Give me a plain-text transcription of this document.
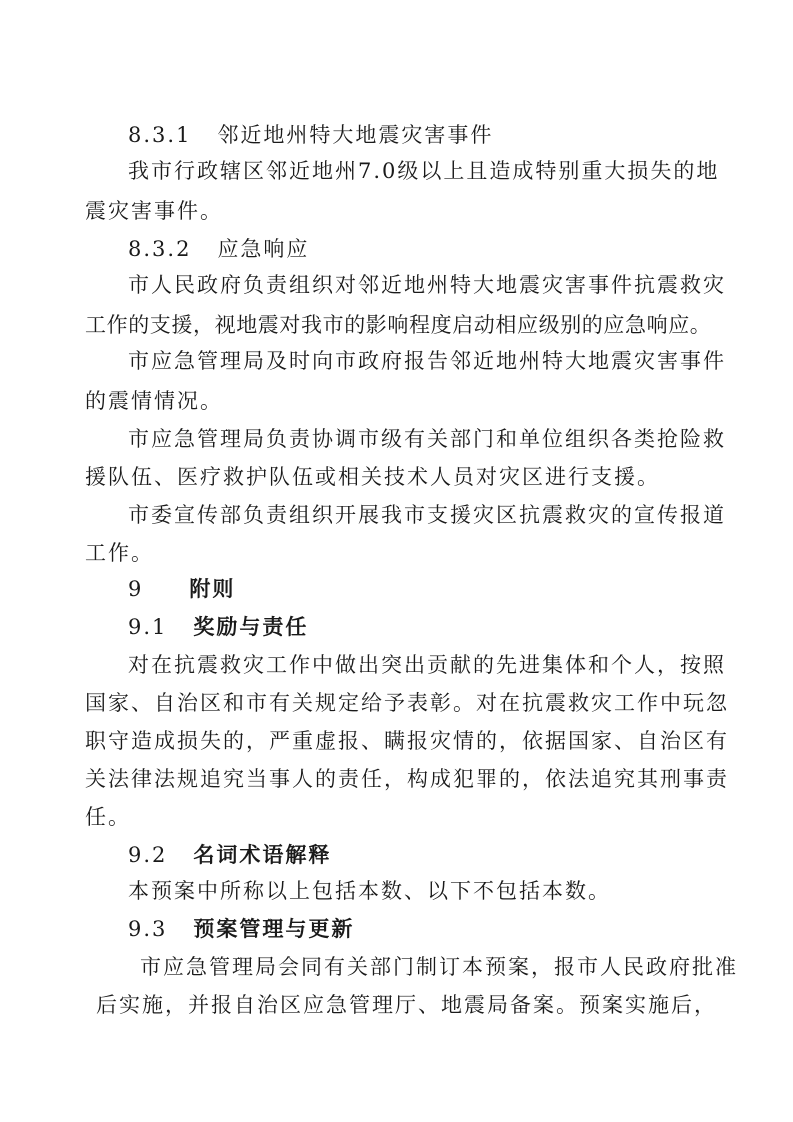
8.3.1 邻近地州特大地震灾害事件
我市行政辖区邻近地州7.0级以上且造成特别重大损失的地
震灾害事件。
8.3.2 应急响应
市人民政府负责组织对邻近地州特大地震灾害事件抗震救灾
工作的支援，视地震对我市的影响程度启动相应级别的应急响应。
市应急管理局及时向市政府报告邻近地州特大地震灾害事件
的震情情况。
市应急管理局负责协调市级有关部门和单位组织各类抢险救
援队伍、医疗救护队伍或相关技术人员对灾区进行支援。
市委宣传部负责组织开展我市支援灾区抗震救灾的宣传报道
工作。
9 附则
9.1 奖励与责任
对在抗震救灾工作中做出突出贡献的先进集体和个人，按照
国家、自治区和市有关规定给予表彰。对在抗震救灾工作中玩忽
职守造成损失的，严重虚报、瞒报灾情的，依据国家、自治区有
关法律法规追究当事人的责任，构成犯罪的，依法追究其刑事责
任。
9.2 名词术语解释
本预案中所称以上包括本数、以下不包括本数。
9.3 预案管理与更新
市应急管理局会同有关部门制订本预案，报市人民政府批准
后实施，并报自治区应急管理厅、地震局备案。预案实施后，
